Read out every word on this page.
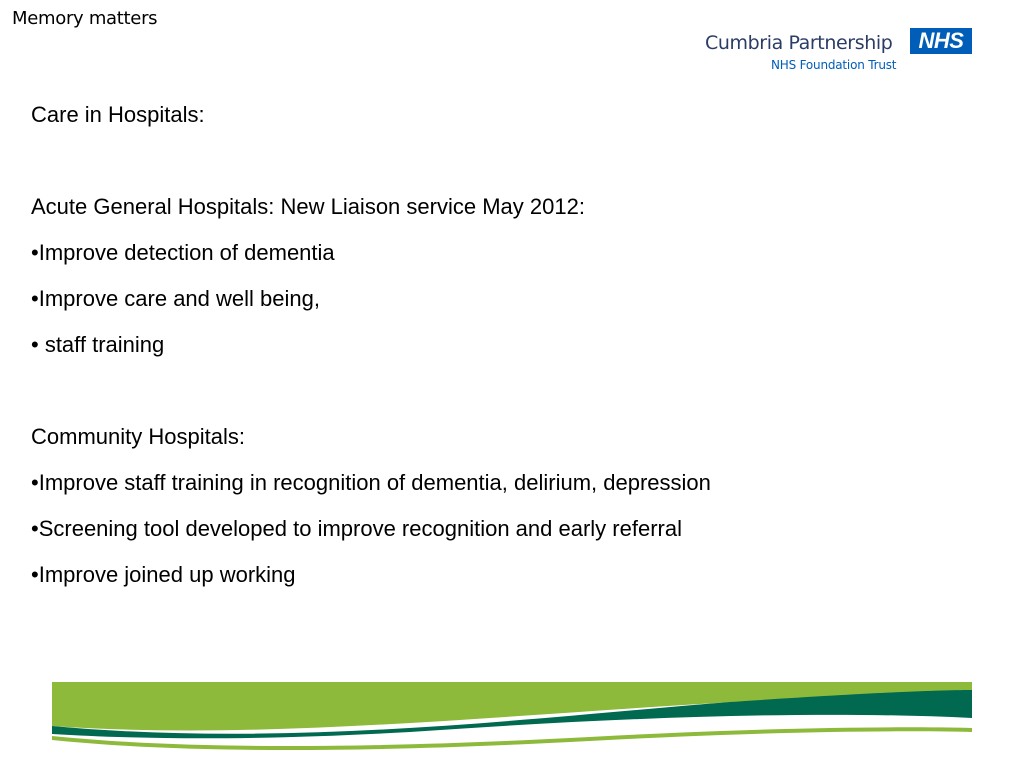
Memory matters
Cumbria Partnership	NHS
NHS Foundation Trust

Care in Hospitals:

Acute General Hospitals: New Liaison service May 2012:

•Improve detection of dementia

•Improve care and well being,

• staff training

Community Hospitals:

•Improve staff training in recognition of dementia, delirium, depression

•Screening tool developed to improve recognition and early referral

•Improve joined up working
